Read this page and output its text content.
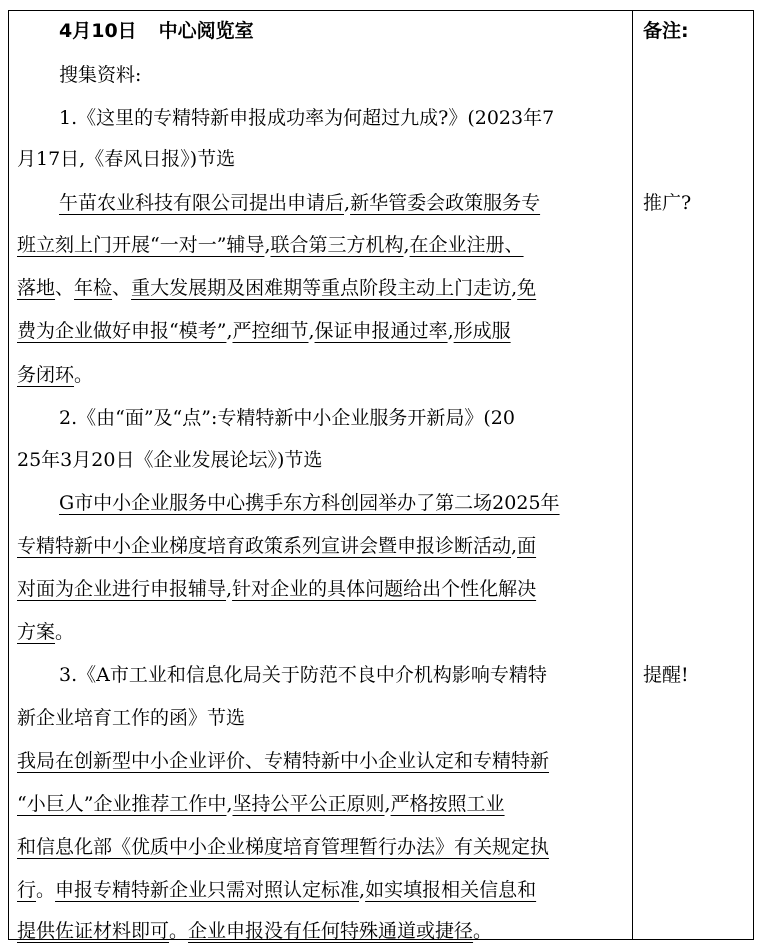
4月10日 中心阅览室
搜集资料:
1.《这里的专精特新申报成功率为何超过九成?》(2023年7
月17日,《春风日报》)节选
午苗农业科技有限公司提出申请后,新华管委会政策服务专
班立刻上门开展“一对一”辅导,联合第三方机构,在企业注册、
落地、年检、重大发展期及困难期等重点阶段主动上门走访,免
费为企业做好申报“模考”,严控细节,保证申报通过率,形成服
务闭环。
2.《由“面”及“点”:专精特新中小企业服务开新局》(20
25年3月20日《企业发展论坛》)节选
G市中小企业服务中心携手东方科创园举办了第二场2025年
专精特新中小企业梯度培育政策系列宣讲会暨申报诊断活动,面
对面为企业进行申报辅导,针对企业的具体问题给出个性化解决
方案。
3.《A市工业和信息化局关于防范不良中介机构影响专精特
新企业培育工作的函》节选
我局在创新型中小企业评价、专精特新中小企业认定和专精特新
“小巨人”企业推荐工作中,坚持公平公正原则,严格按照工业
和信息化部《优质中小企业梯度培育管理暂行办法》有关规定执
行。申报专精特新企业只需对照认定标准,如实填报相关信息和
提供佐证材料即可。企业申报没有任何特殊通道或捷径。
备注:
推广?
提醒!
